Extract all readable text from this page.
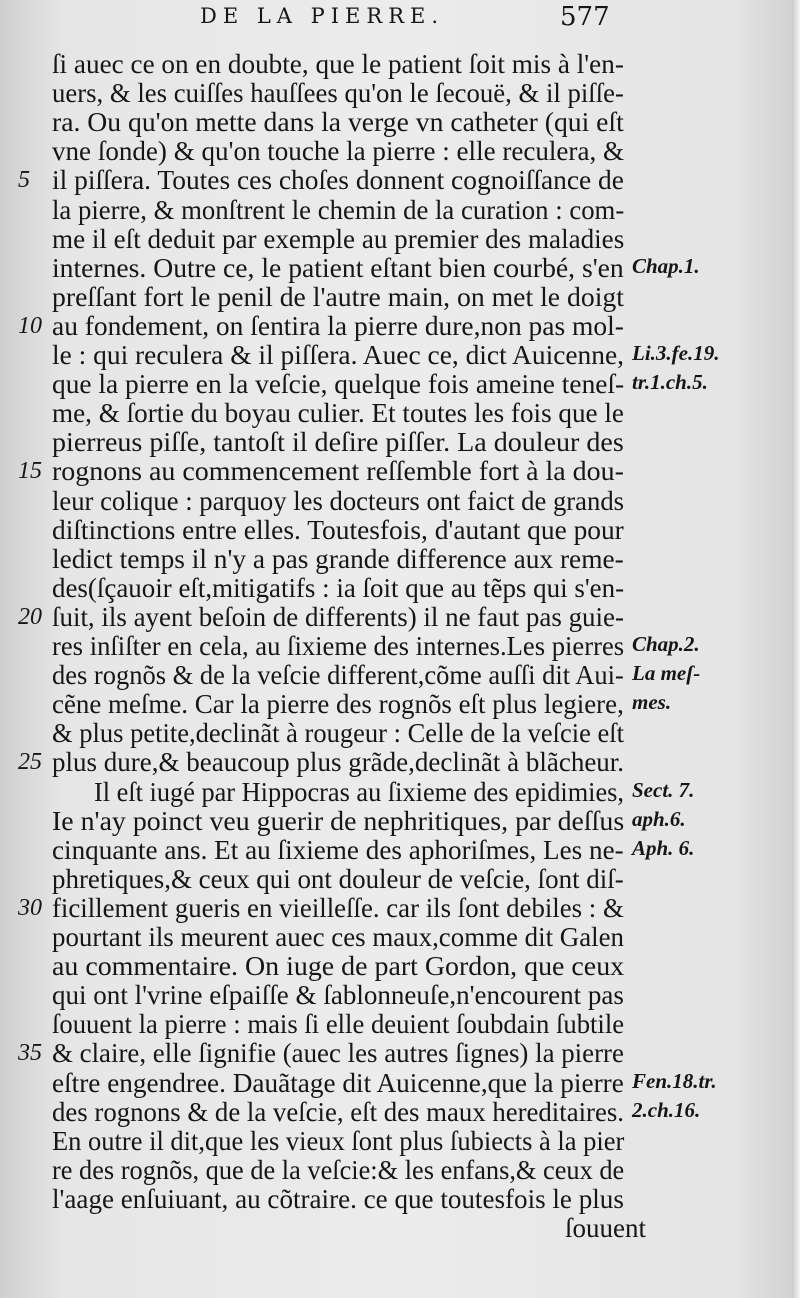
DE LA PIERRE.	577
ſi auec ce on en doubte, que le patient ſoit mis à l'en-
uers, & les cuiſſes hauſſees qu'on le ſecouë, & il piſſe-
ra. Ou qu'on mette dans la verge vn catheter (qui eſt
vne ſonde) & qu'on touche la pierre : elle reculera, &
5 il piſſera. Toutes ces choſes donnent cognoiſſance de
la pierre, & monſtrent le chemin de la curation : com-
me il eſt deduit par exemple au premier des maladies
internes. Outre ce, le patient eſtant bien courbé, s'en
preſſant fort le penil de l'autre main, on met le doigt
10 au fondement, on ſentira la pierre dure,non pas mol-
le : qui reculera & il piſſera. Auec ce, dict Auicenne,
que la pierre en la veſcie, quelque fois ameine teneſ-
me, & ſortie du boyau culier. Et toutes les fois que le
pierreus piſſe, tantoſt il deſire piſſer. La douleur des
15 rognons au commencement reſſemble fort à la dou-
leur colique : parquoy les docteurs ont faict de grands
diſtinctions entre elles. Toutesfois, d'autant que pour
ledict temps il n'y a pas grande difference aux reme-
des(ſçauoir eſt,mitigatifs : ia ſoit que au tẽps qui s'en-
20 ſuit, ils ayent beſoin de differents) il ne faut pas guie-
res inſiſter en cela, au ſixieme des internes.Les pierres
des rognõs & de la veſcie different,cõme auſſi dit Aui-
cẽne meſme. Car la pierre des rognõs eſt plus legiere,
& plus petite,declinãt à rougeur : Celle de la veſcie eſt
25 plus dure,& beaucoup plus grãde,declinãt à blãcheur.
Il eſt iugé par Hippocras au ſixieme des epidimies,
Ie n'ay poinct veu guerir de nephritiques, par deſſus
cinquante ans. Et au ſixieme des aphoriſmes, Les ne-
phretiques,& ceux qui ont douleur de veſcie, ſont diſ-
30 ficillement gueris en vieilleſſe. car ils ſont debiles : &
pourtant ils meurent auec ces maux,comme dit Galen
au commentaire. On iuge de part Gordon, que ceux
qui ont l'vrine eſpaiſſe & ſablonneuſe,n'encourent pas
ſouuent la pierre : mais ſi elle deuient ſoubdain ſubtile
35 & claire, elle ſignifie (auec les autres ſignes) la pierre
eſtre engendree. Dauãtage dit Auicenne,que la pierre
des rognons & de la veſcie, eſt des maux hereditaires.
En outre il dit,que les vieux ſont plus ſubiects à la pier
re des rognõs, que de la veſcie:& les enfans,& ceux de
l'aage enſuiuant, au cõtraire. ce que toutesfois le plus
Chap.1.
Li.3.fe.19.
tr.1.ch.5.
Chap.2.
La meſ-
mes.
Sect. 7.
aph.6.
Aph. 6.
Fen.18.tr.
2.ch.16.
ſouuent
